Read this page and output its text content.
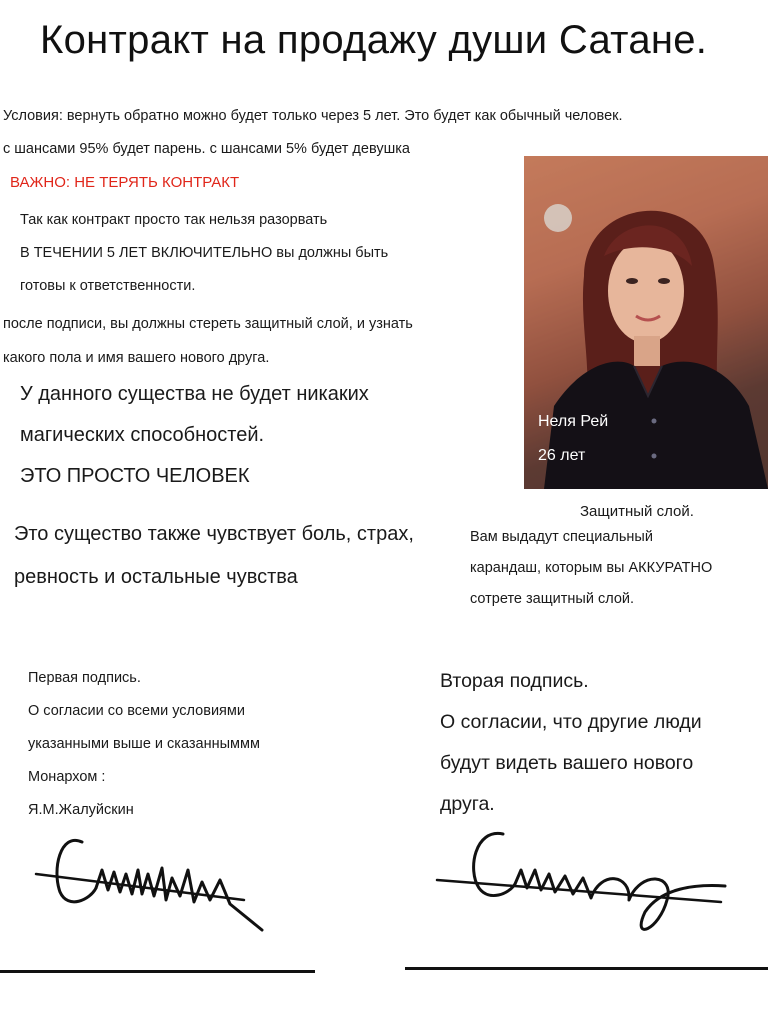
Контракт на продажу души Сатане.
Условия: вернуть обратно можно будет только через 5 лет. Это будет как обычный человек.
с шансами 95% будет парень. с шансами 5% будет девушка
ВАЖНО: НЕ ТЕРЯТЬ КОНТРАКТ
Так как контракт просто так нельзя разорвать
В ТЕЧЕНИИ 5 ЛЕТ ВКЛЮЧИТЕЛЬНО вы должны быть
готовы к ответственности.
после подписи, вы должны стереть защитный слой, и узнать
какого пола и имя вашего нового друга.
У данного существа не будет никаких
магических способностей.
ЭТО ПРОСТО ЧЕЛОВЕК
Это существо также чувствует боль, страх,
ревность и остальные чувства
Неля Рей
26 лет
Защитный слой.
Вам выдадут специальный
карандаш, которым вы АККУРАТНО
сотрете защитный слой.
Первая подпись.
О согласии со всеми условиями
указанными выше и сказанныммм
Монархом :
Я.М.Жалуйскин
Вторая подпись.
О согласии, что другие люди
будут видеть вашего нового
друга.
